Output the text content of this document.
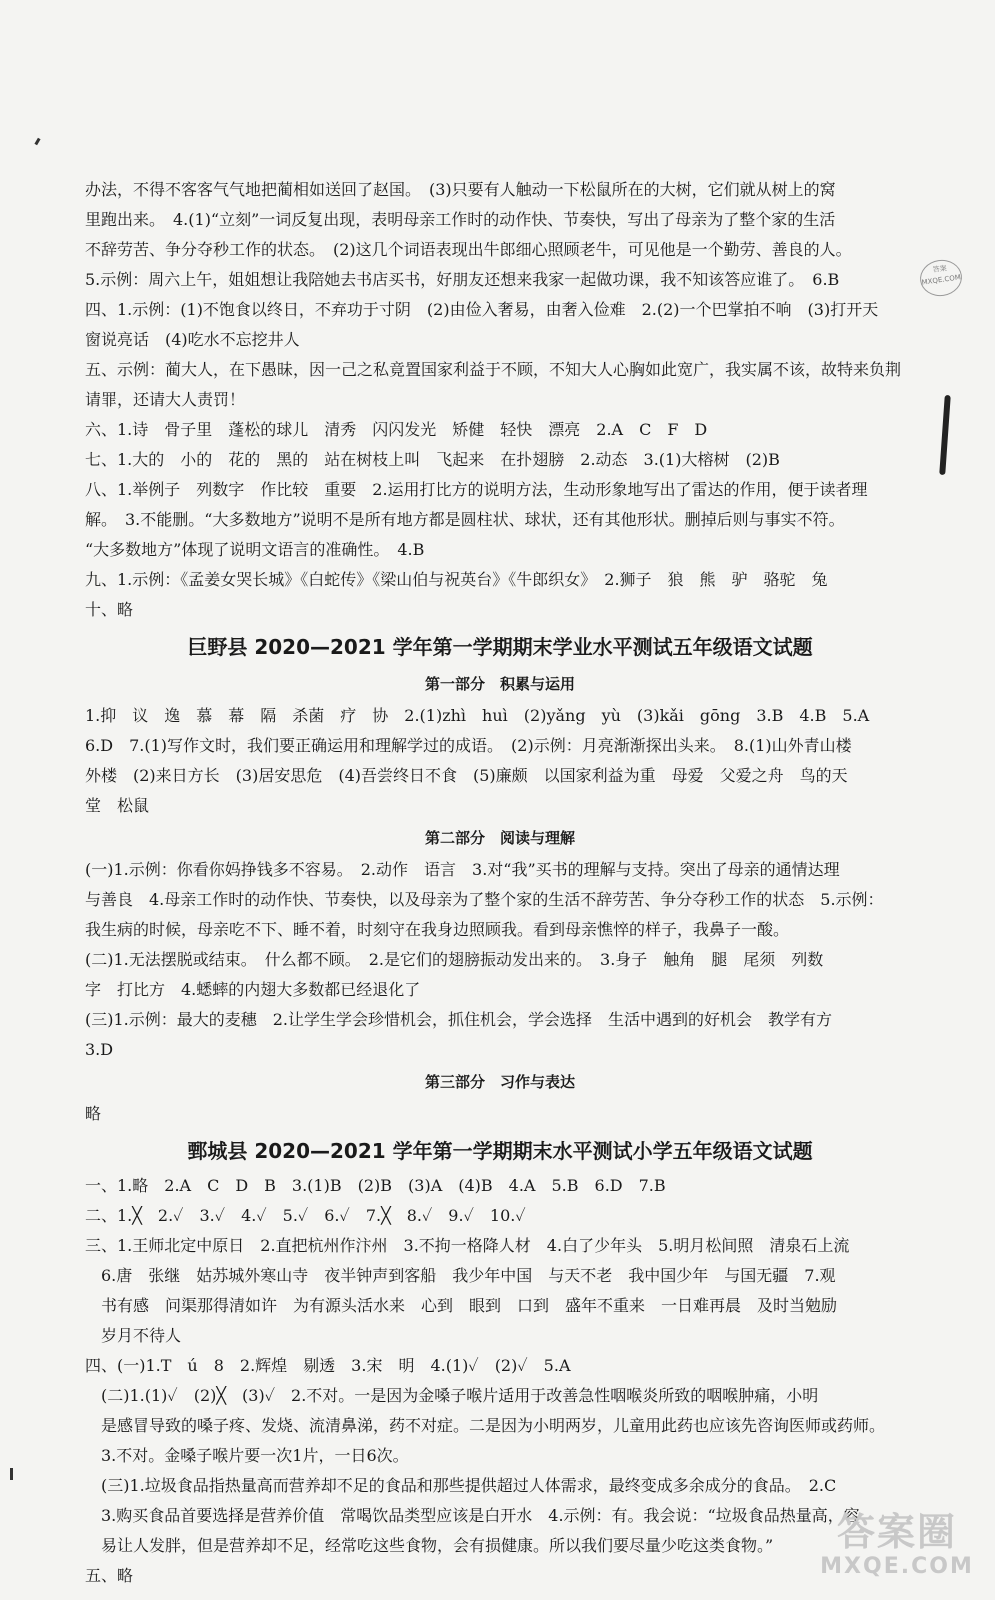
答案
MXQE.COM
办法，不得不客客气气地把蔺相如送回了赵国。　(3)只要有人触动一下松鼠所在的大树，它们就从树上的窝
里跑出来。　4.(1)“立刻”一词反复出现，表明母亲工作时的动作快、节奏快，写出了母亲为了整个家的生活
不辞劳苦、争分夺秒工作的状态。　(2)这几个词语表现出牛郎细心照顾老牛，可见他是一个勤劳、善良的人。
5.示例：周六上午，姐姐想让我陪她去书店买书，好朋友还想来我家一起做功课，我不知该答应谁了。　6.B
四、1.示例：(1)不饱食以终日，不弃功于寸阴　(2)由俭入奢易，由奢入俭难　2.(2)一个巴掌拍不响　(3)打开天
窗说亮话　(4)吃水不忘挖井人
五、示例：蔺大人，在下愚昧，因一己之私竟置国家利益于不顾，不知大人心胸如此宽广，我实属不该，故特来负荆
请罪，还请大人责罚！
六、1.诗　骨子里　蓬松的球儿　清秀　闪闪发光　矫健　轻快　漂亮　2.A　C　F　D
七、1.大的　小的　花的　黑的　站在树枝上叫　飞起来　在扑翅膀　2.动态　3.(1)大榕树　(2)B
八、1.举例子　列数字　作比较　重要　2.运用打比方的说明方法，生动形象地写出了雷达的作用，便于读者理
解。　3.不能删。“大多数地方”说明不是所有地方都是圆柱状、球状，还有其他形状。删掉后则与事实不符。
“大多数地方”体现了说明文语言的准确性。　4.B
九、1.示例：《孟姜女哭长城》《白蛇传》《梁山伯与祝英台》《牛郎织女》　2.狮子　狼　熊　驴　骆驼　兔
十、略
巨野县 2020—2021 学年第一学期期末学业水平测试五年级语文试题
第一部分　积累与运用
1.抑　议　逸　慕　幕　隔　杀菌　疗　协　2.(1)zhì　huì　(2)yǎng　yù　(3)kǎi　gōng　3.B　4.B　5.A
6.D　7.(1)写作文时，我们要正确运用和理解学过的成语。　(2)示例：月亮渐渐探出头来。　8.(1)山外青山楼
外楼　(2)来日方长　(3)居安思危　(4)吾尝终日不食　(5)廉颇　以国家利益为重　母爱　父爱之舟　鸟的天
堂　松鼠
第二部分　阅读与理解
(一)1.示例：你看你妈挣钱多不容易。　2.动作　语言　3.对“我”买书的理解与支持。突出了母亲的通情达理
与善良　4.母亲工作时的动作快、节奏快，以及母亲为了整个家的生活不辞劳苦、争分夺秒工作的状态　5.示例：
我生病的时候，母亲吃不下、睡不着，时刻守在我身边照顾我。看到母亲憔悴的样子，我鼻子一酸。
(二)1.无法摆脱或结束。　什么都不顾。　2.是它们的翅膀振动发出来的。　3.身子　触角　腿　尾须　列数
字　打比方　4.蟋蟀的内翅大多数都已经退化了
(三)1.示例：最大的麦穗　2.让学生学会珍惜机会，抓住机会，学会选择　生活中遇到的好机会　教学有方
3.D
第三部分　习作与表达
略
鄄城县 2020—2021 学年第一学期期末水平测试小学五年级语文试题
一、1.略　2.A　C　D　B　3.(1)B　(2)B　(3)A　(4)B　4.A　5.B　6.D　7.B
二、1.╳　2.✓　3.✓　4.✓　5.✓　6.✓　7.╳　8.✓　9.✓　10.✓
三、1.王师北定中原日　2.直把杭州作汴州　3.不拘一格降人材　4.白了少年头　5.明月松间照　清泉石上流
　6.唐　张继　姑苏城外寒山寺　夜半钟声到客船　我少年中国　与天不老　我中国少年　与国无疆　7.观
　书有感　问渠那得清如许　为有源头活水来　心到　眼到　口到　盛年不重来　一日难再晨　及时当勉励
　岁月不待人
四、(一)1.T　ú　8　2.辉煌　剔透　3.宋　明　4.(1)✓　(2)✓　5.A
　(二)1.(1)✓　(2)╳　(3)✓　2.不对。一是因为金嗓子喉片适用于改善急性咽喉炎所致的咽喉肿痛，小明
　是感冒导致的嗓子疼、发烧、流清鼻涕，药不对症。二是因为小明两岁，儿童用此药也应该先咨询医师或药师。
　3.不对。金嗓子喉片要一次1片，一日6次。
　(三)1.垃圾食品指热量高而营养却不足的食品和那些提供超过人体需求，最终变成多余成分的食品。　2.C
　3.购买食品首要选择是营养价值　常喝饮品类型应该是白开水　4.示例：有。我会说：“垃圾食品热量高，容
　易让人发胖，但是营养却不足，经常吃这些食物，会有损健康。所以我们要尽量少吃这类食物。”
五、略
答案圈
MXQE.COM
